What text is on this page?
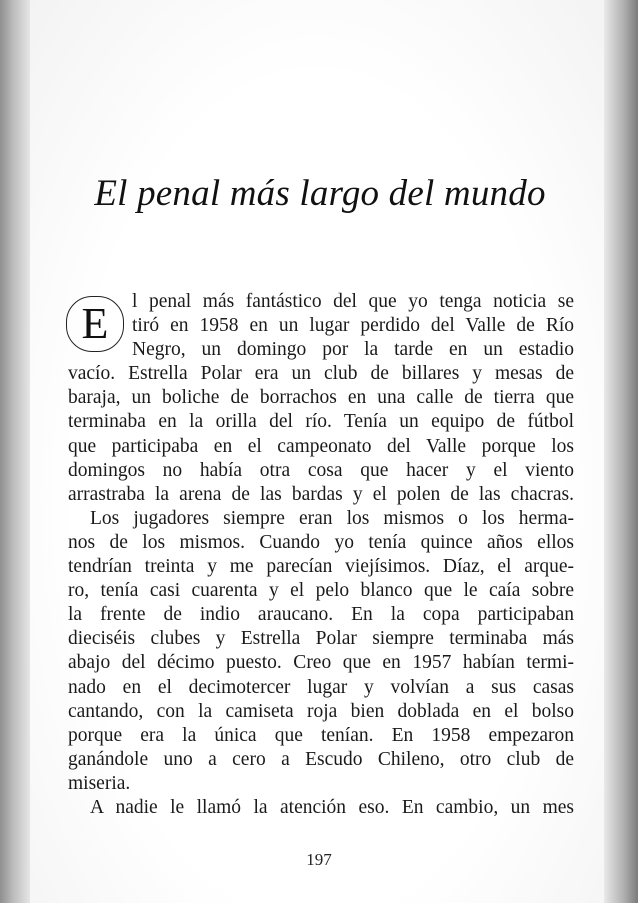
El penal más largo del mundo
E	l penal más fantástico del que yo tenga noticia se
tiró en 1958 en un lugar perdido del Valle de Río
Negro, un domingo por la tarde en un estadio
vacío. Estrella Polar era un club de billares y mesas de
baraja, un boliche de borrachos en una calle de tierra que
terminaba en la orilla del río. Tenía un equipo de fútbol
que participaba en el campeonato del Valle porque los
domingos no había otra cosa que hacer y el viento
arrastraba la arena de las bardas y el polen de las chacras.
Los jugadores siempre eran los mismos o los herma-
nos de los mismos. Cuando yo tenía quince años ellos
tendrían treinta y me parecían viejísimos. Díaz, el arque-
ro, tenía casi cuarenta y el pelo blanco que le caía sobre
la frente de indio araucano. En la copa participaban
dieciséis clubes y Estrella Polar siempre terminaba más
abajo del décimo puesto. Creo que en 1957 habían termi-
nado en el decimotercer lugar y volvían a sus casas
cantando, con la camiseta roja bien doblada en el bolso
porque era la única que tenían. En 1958 empezaron
ganándole uno a cero a Escudo Chileno, otro club de
miseria.
A nadie le llamó la atención eso. En cambio, un mes
197
